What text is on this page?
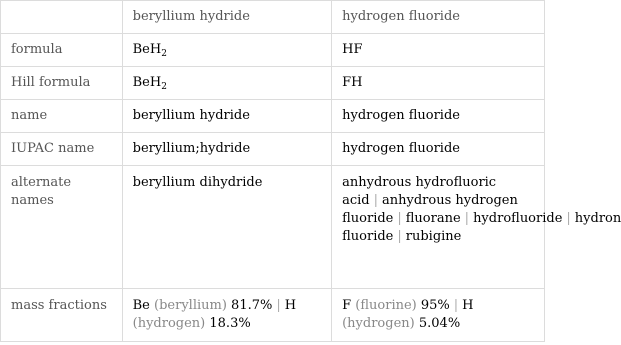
	beryllium hydride	hydrogen fluoride
formula	BeH$_2$	HF
Hill formula	BeH$_2$	FH
name	beryllium hydride	hydrogen fluoride
IUPAC name	beryllium;hydride	hydrogen fluoride
alternate names	beryllium dihydride	anhydrous hydrofluoric acid | anhydrous hydrogen fluoride | fluorane | hydrofluoride | hydron fluoride | rubigine
mass fractions	Be (beryllium) 81.7% | H (hydrogen) 18.3%	F (fluorine) 95% | H (hydrogen) 5.04%
